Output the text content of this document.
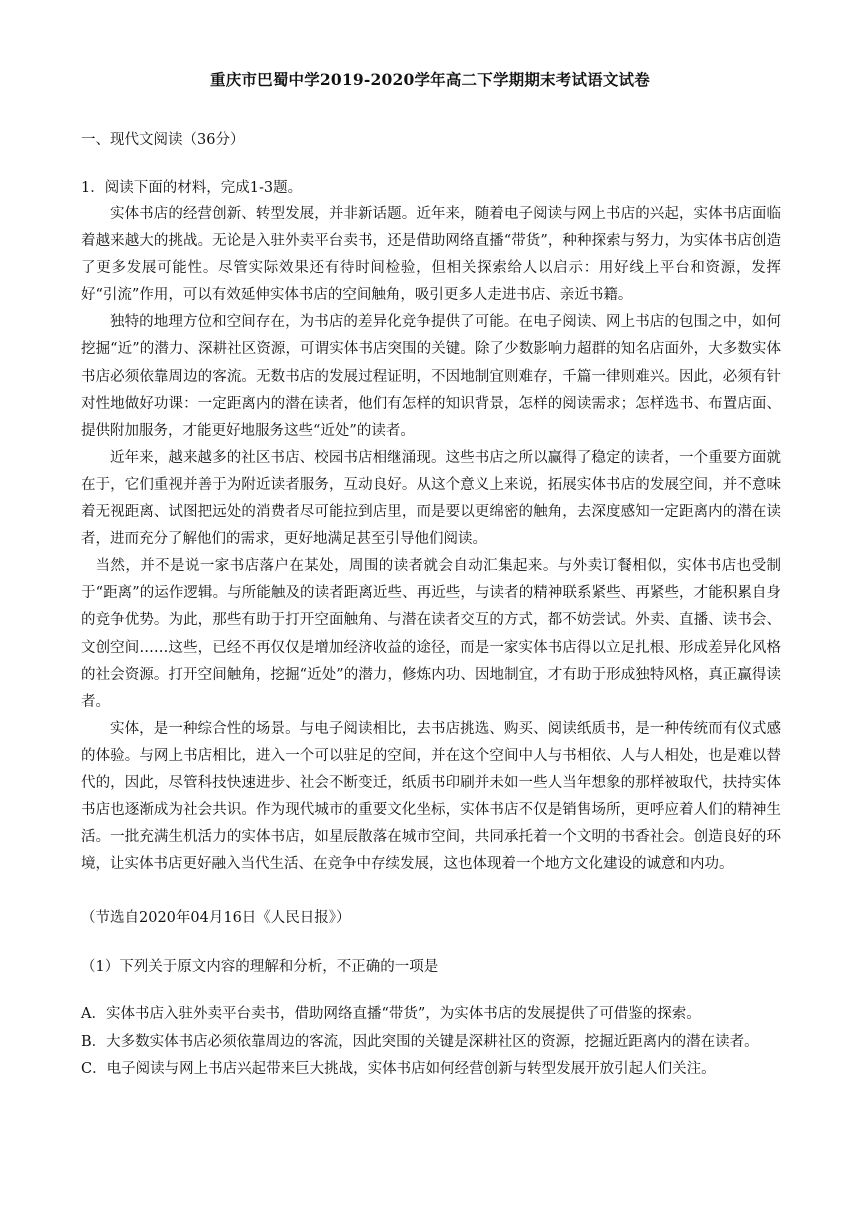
重庆市巴蜀中学2019-2020学年高二下学期期末考试语文试卷
一、现代文阅读（36分）
1．阅读下面的材料，完成1-3题。

实体书店的经营创新、转型发展，并非新话题。近年来，随着电子阅读与网上书店的兴起，实体书店面临着越来越大的挑战。无论是入驻外卖平台卖书，还是借助网络直播“带货”，种种探索与努力，为实体书店创造了更多发展可能性。尽管实际效果还有待时间检验，但相关探索给人以启示：用好线上平台和资源，发挥好“引流”作用，可以有效延伸实体书店的空间触角，吸引更多人走进书店、亲近书籍。

独特的地理方位和空间存在，为书店的差异化竞争提供了可能。在电子阅读、网上书店的包围之中，如何挖掘“近”的潜力、深耕社区资源，可谓实体书店突围的关键。除了少数影响力超群的知名店面外，大多数实体书店必须依靠周边的客流。无数书店的发展过程证明，不因地制宜则难存，千篇一律则难兴。因此，必须有针对性地做好功课：一定距离内的潜在读者，他们有怎样的知识背景，怎样的阅读需求；怎样选书、布置店面、提供附加服务，才能更好地服务这些“近处”的读者。

近年来，越来越多的社区书店、校园书店相继涌现。这些书店之所以赢得了稳定的读者，一个重要方面就在于，它们重视并善于为附近读者服务，互动良好。从这个意义上来说，拓展实体书店的发展空间，并不意味着无视距离、试图把远处的消费者尽可能拉到店里，而是要以更绵密的触角，去深度感知一定距离内的潜在读者，进而充分了解他们的需求，更好地满足甚至引导他们阅读。

当然，并不是说一家书店落户在某处，周围的读者就会自动汇集起来。与外卖订餐相似，实体书店也受制于“距离”的运作逻辑。与所能触及的读者距离近些、再近些，与读者的精神联系紧些、再紧些，才能积累自身的竞争优势。为此，那些有助于打开空面触角、与潜在读者交互的方式，都不妨尝试。外卖、直播、读书会、文创空间……这些，已经不再仅仅是增加经济收益的途径，而是一家实体书店得以立足扎根、形成差异化风格的社会资源。打开空间触角，挖掘“近处”的潜力，修炼内功、因地制宜，才有助于形成独特风格，真正赢得读者。

实体，是一种综合性的场景。与电子阅读相比，去书店挑选、购买、阅读纸质书，是一种传统而有仪式感的体验。与网上书店相比，进入一个可以驻足的空间，并在这个空间中人与书相依、人与人相处，也是难以替代的，因此，尽管科技快速进步、社会不断变迁，纸质书印刷并未如一些人当年想象的那样被取代，扶持实体书店也逐渐成为社会共识。作为现代城市的重要文化坐标，实体书店不仅是销售场所，更呼应着人们的精神生活。一批充满生机活力的实体书店，如星辰散落在城市空间，共同承托着一个文明的书香社会。创造良好的环境，让实体书店更好融入当代生活、在竞争中存续发展，这也体现着一个地方文化建设的诚意和内功。

（节选自2020年04月16日《人民日报》）
（1）下列关于原文内容的理解和分析，不正确的一项是
A．实体书店入驻外卖平台卖书，借助网络直播“带货”，为实体书店的发展提供了可借鉴的探索。
B．大多数实体书店必须依靠周边的客流，因此突围的关键是深耕社区的资源，挖掘近距离内的潜在读者。
C．电子阅读与网上书店兴起带来巨大挑战，实体书店如何经营创新与转型发展开放引起人们关注。
